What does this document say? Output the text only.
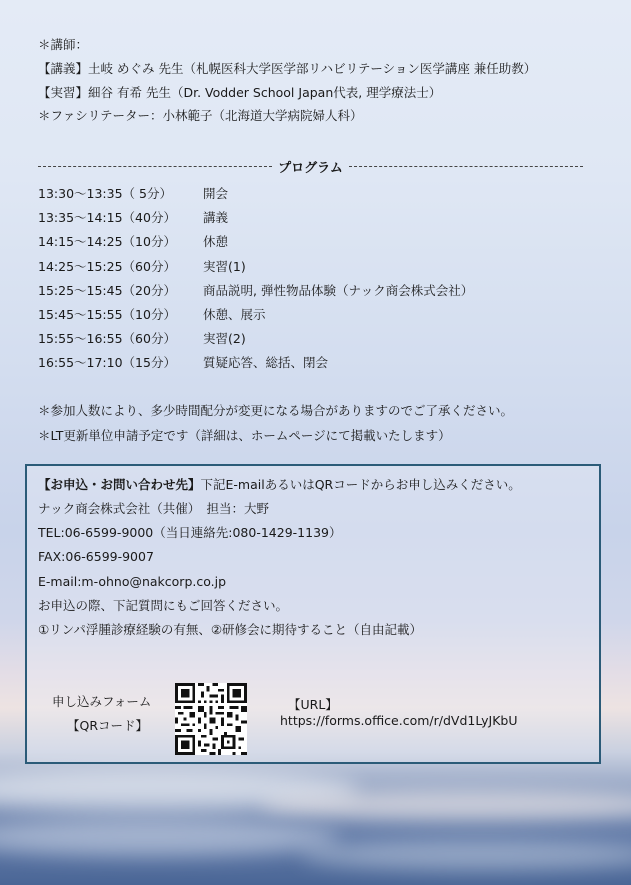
＊講師：
【講義】土岐 めぐみ 先生（札幌医科大学医学部リハビリテーション医学講座 兼任助教）
【実習】細谷 有希 先生（Dr. Vodder School Japan代表, 理学療法士）
＊ファシリテーター：小林範子（北海道大学病院婦人科）
プログラム
13:30～13:35（ 5分） 開会
13:35～14:15（40分） 講義
14:15～14:25（10分） 休憩
14:25～15:25（60分） 実習(1)
15:25～15:45（20分） 商品説明, 弾性物品体験（ナック商会株式会社）
15:45～15:55（10分） 休憩、展示
15:55～16:55（60分） 実習(2)
16:55～17:10（15分） 質疑応答、総括、閉会
＊参加人数により、多少時間配分が変更になる場合がありますのでご了承ください。
＊LT更新単位申請予定です（詳細は、ホームページにて掲載いたします）
【お申込・お問い合わせ先】下記E-mailあるいはQRコードからお申し込みください。
ナック商会株式会社（共催）　担当：大野
TEL:06-6599-9000（当日連絡先:080-1429-1139）
FAX:06-6599-9007
E-mail:m-ohno@nakcorp.co.jp
お申込の際、下記質問にもご回答ください。
①リンパ浮腫診療経験の有無、②研修会に期待すること（自由記載）
申し込みフォーム
【QRコード】
【URL】
https://forms.office.com/r/dVd1LyJKbU
